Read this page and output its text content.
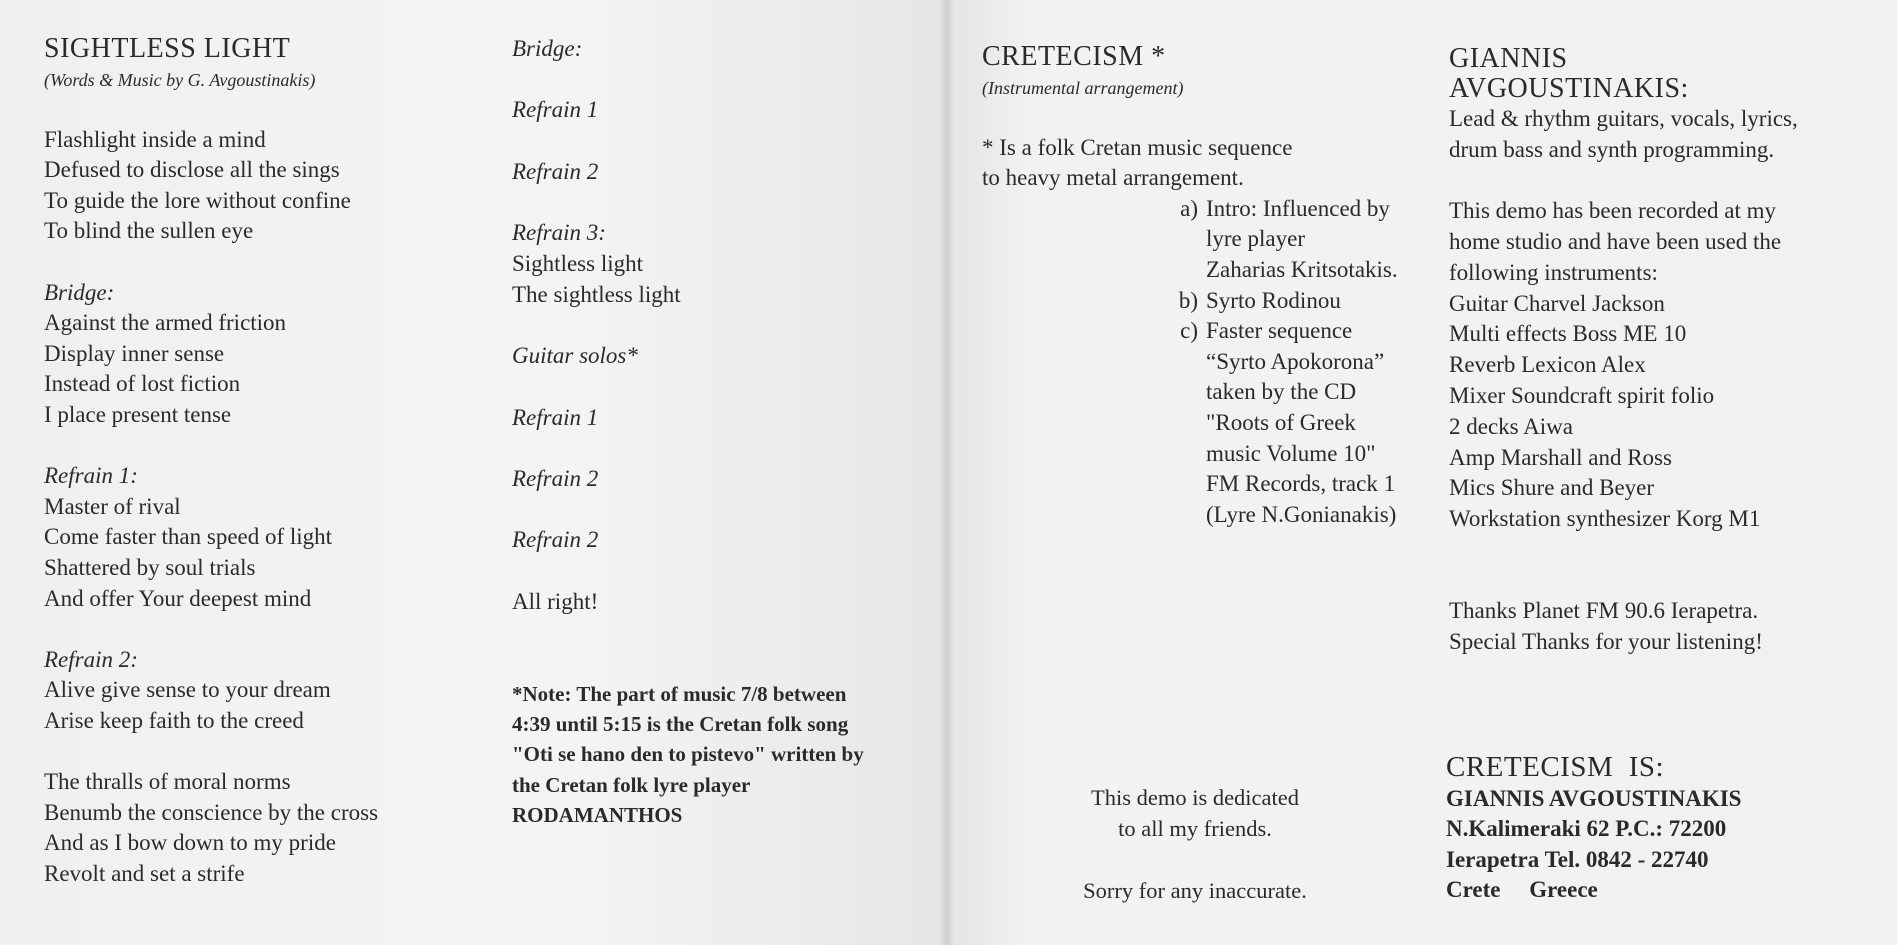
SIGHTLESS LIGHT
(Words & Music by G. Avgoustinakis)
Flashlight inside a mind
Defused to disclose all the sings
To guide the lore without confine
To blind the sullen eye
Bridge:
Against the armed friction
Display inner sense
Instead of lost fiction
I place present tense
Refrain 1:
Master of rival
Come faster than speed of light
Shattered by soul trials
And offer Your deepest mind
Refrain 2:
Alive give sense to your dream
Arise keep faith to the creed
The thralls of moral norms
Benumb the conscience by the cross
And as I bow down to my pride
Revolt and set a strife
Bridge:
Refrain 1
Refrain 2
Refrain 3:
Sightless light
The sightless light
Guitar solos*
Refrain 1
Refrain 2
Refrain 2
All right!
*Note: The part of music 7/8 between
4:39 until 5:15 is the Cretan folk song
"Oti se hano den to pistevo" written by
the Cretan folk lyre player
RODAMANTHOS
CRETECISM *
(Instrumental arrangement)
* Is a folk Cretan music sequence
to heavy metal arrangement.
a) Intro: Influenced by
lyre player
Zaharias Kritsotakis.
b) Syrto Rodinou
c) Faster sequence
“Syrto Apokorona”
taken by the CD
"Roots of Greek
music Volume 10"
FM Records, track 1
(Lyre N.Gonianakis)
This demo is dedicated
to all my friends.
Sorry for any inaccurate.
GIANNIS
AVGOUSTINAKIS:
Lead & rhythm guitars, vocals, lyrics,
drum bass and synth programming.
This demo has been recorded at my
home studio and have been used the
following instruments:
Guitar Charvel Jackson
Multi effects Boss ME 10
Reverb Lexicon Alex
Mixer Soundcraft spirit folio
2 decks Aiwa
Amp Marshall and Ross
Mics Shure and Beyer
Workstation synthesizer Korg M1
Thanks Planet FM 90.6 Ierapetra.
Special Thanks for your listening!
CRETECISM  IS:
GIANNIS AVGOUSTINAKIS
N.Kalimeraki 62 P.C.: 72200
Ierapetra Tel. 0842 - 22740
Crete     Greece
